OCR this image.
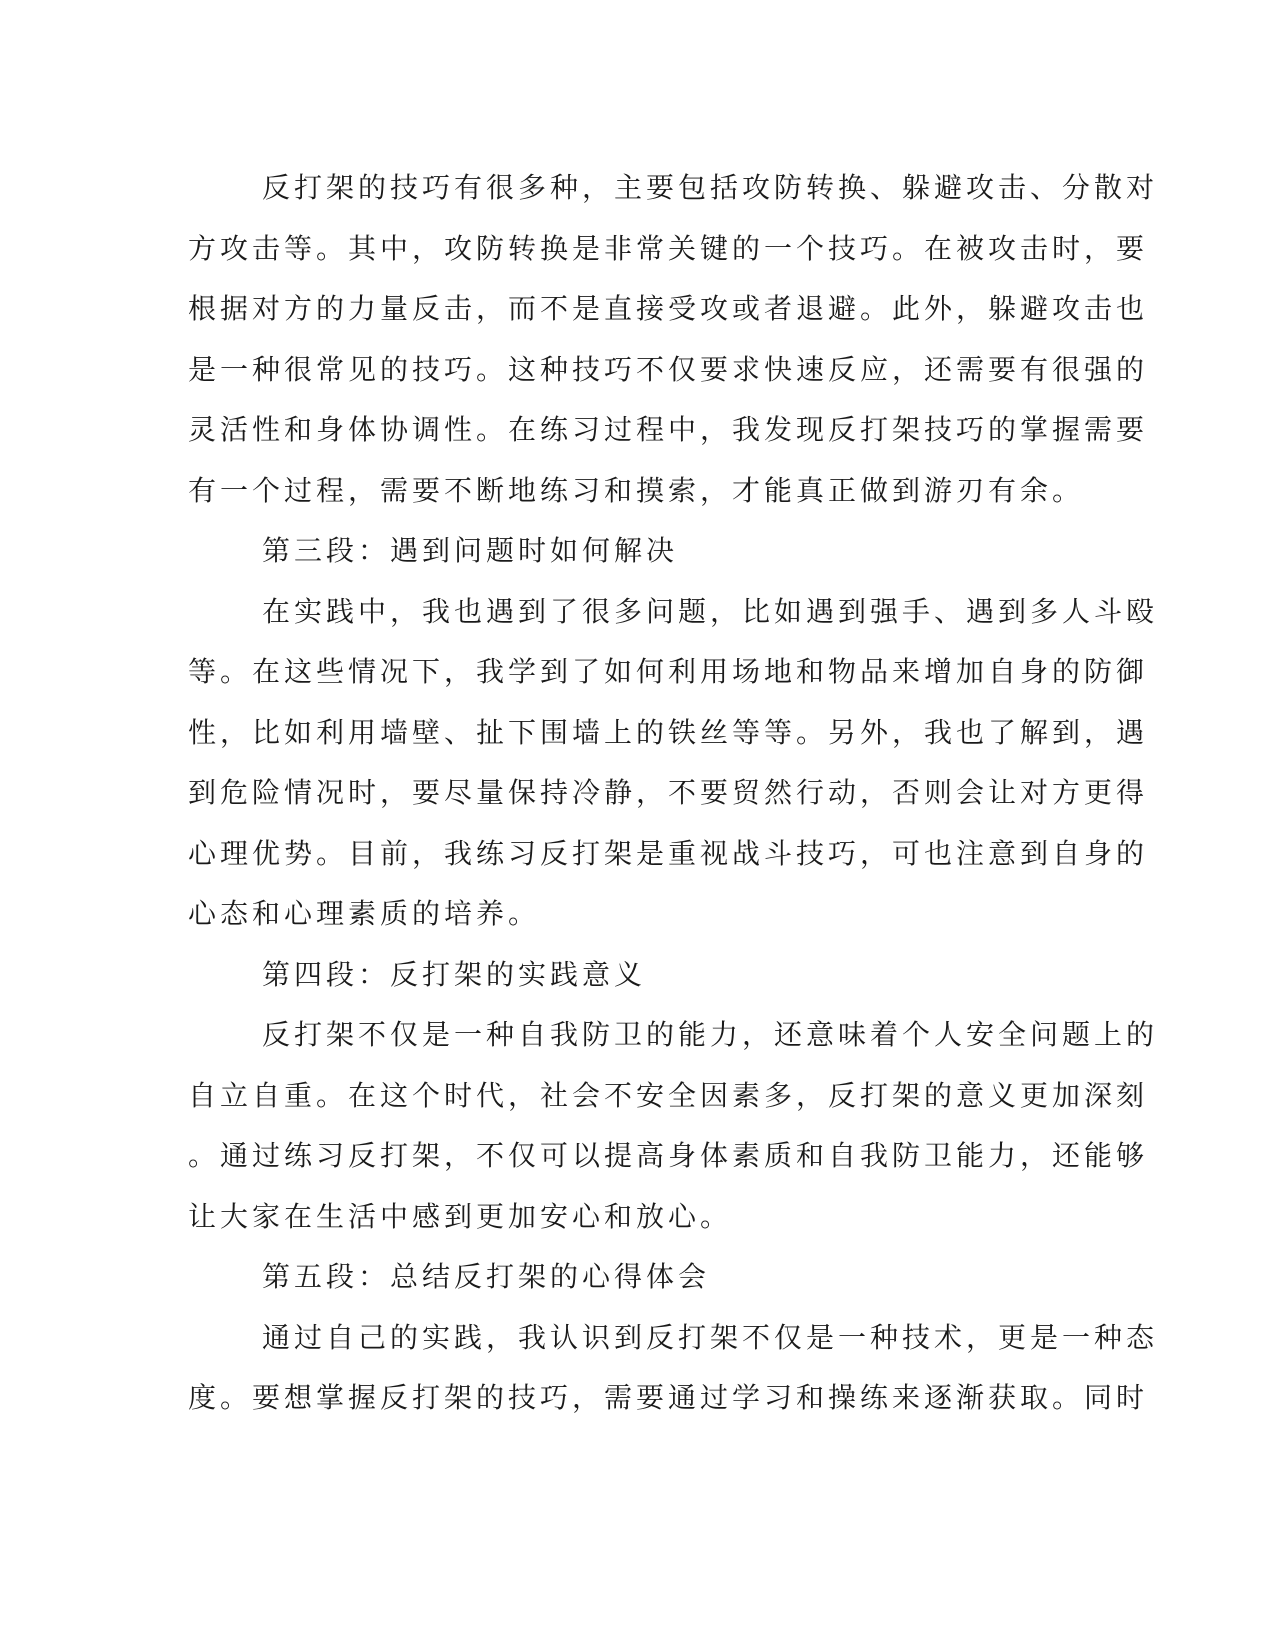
反打架的技巧有很多种，主要包括攻防转换、躲避攻击、分散对
方攻击等。其中，攻防转换是非常关键的一个技巧。在被攻击时，要
根据对方的力量反击，而不是直接受攻或者退避。此外，躲避攻击也
是一种很常见的技巧。这种技巧不仅要求快速反应，还需要有很强的
灵活性和身体协调性。在练习过程中，我发现反打架技巧的掌握需要
有一个过程，需要不断地练习和摸索，才能真正做到游刃有余。
第三段：遇到问题时如何解决
在实践中，我也遇到了很多问题，比如遇到强手、遇到多人斗殴
等。在这些情况下，我学到了如何利用场地和物品来增加自身的防御
性，比如利用墙壁、扯下围墙上的铁丝等等。另外，我也了解到，遇
到危险情况时，要尽量保持冷静，不要贸然行动，否则会让对方更得
心理优势。目前，我练习反打架是重视战斗技巧，可也注意到自身的
心态和心理素质的培养。
第四段：反打架的实践意义
反打架不仅是一种自我防卫的能力，还意味着个人安全问题上的
自立自重。在这个时代，社会不安全因素多，反打架的意义更加深刻
。通过练习反打架，不仅可以提高身体素质和自我防卫能力，还能够
让大家在生活中感到更加安心和放心。
第五段：总结反打架的心得体会
通过自己的实践，我认识到反打架不仅是一种技术，更是一种态
度。要想掌握反打架的技巧，需要通过学习和操练来逐渐获取。同时
